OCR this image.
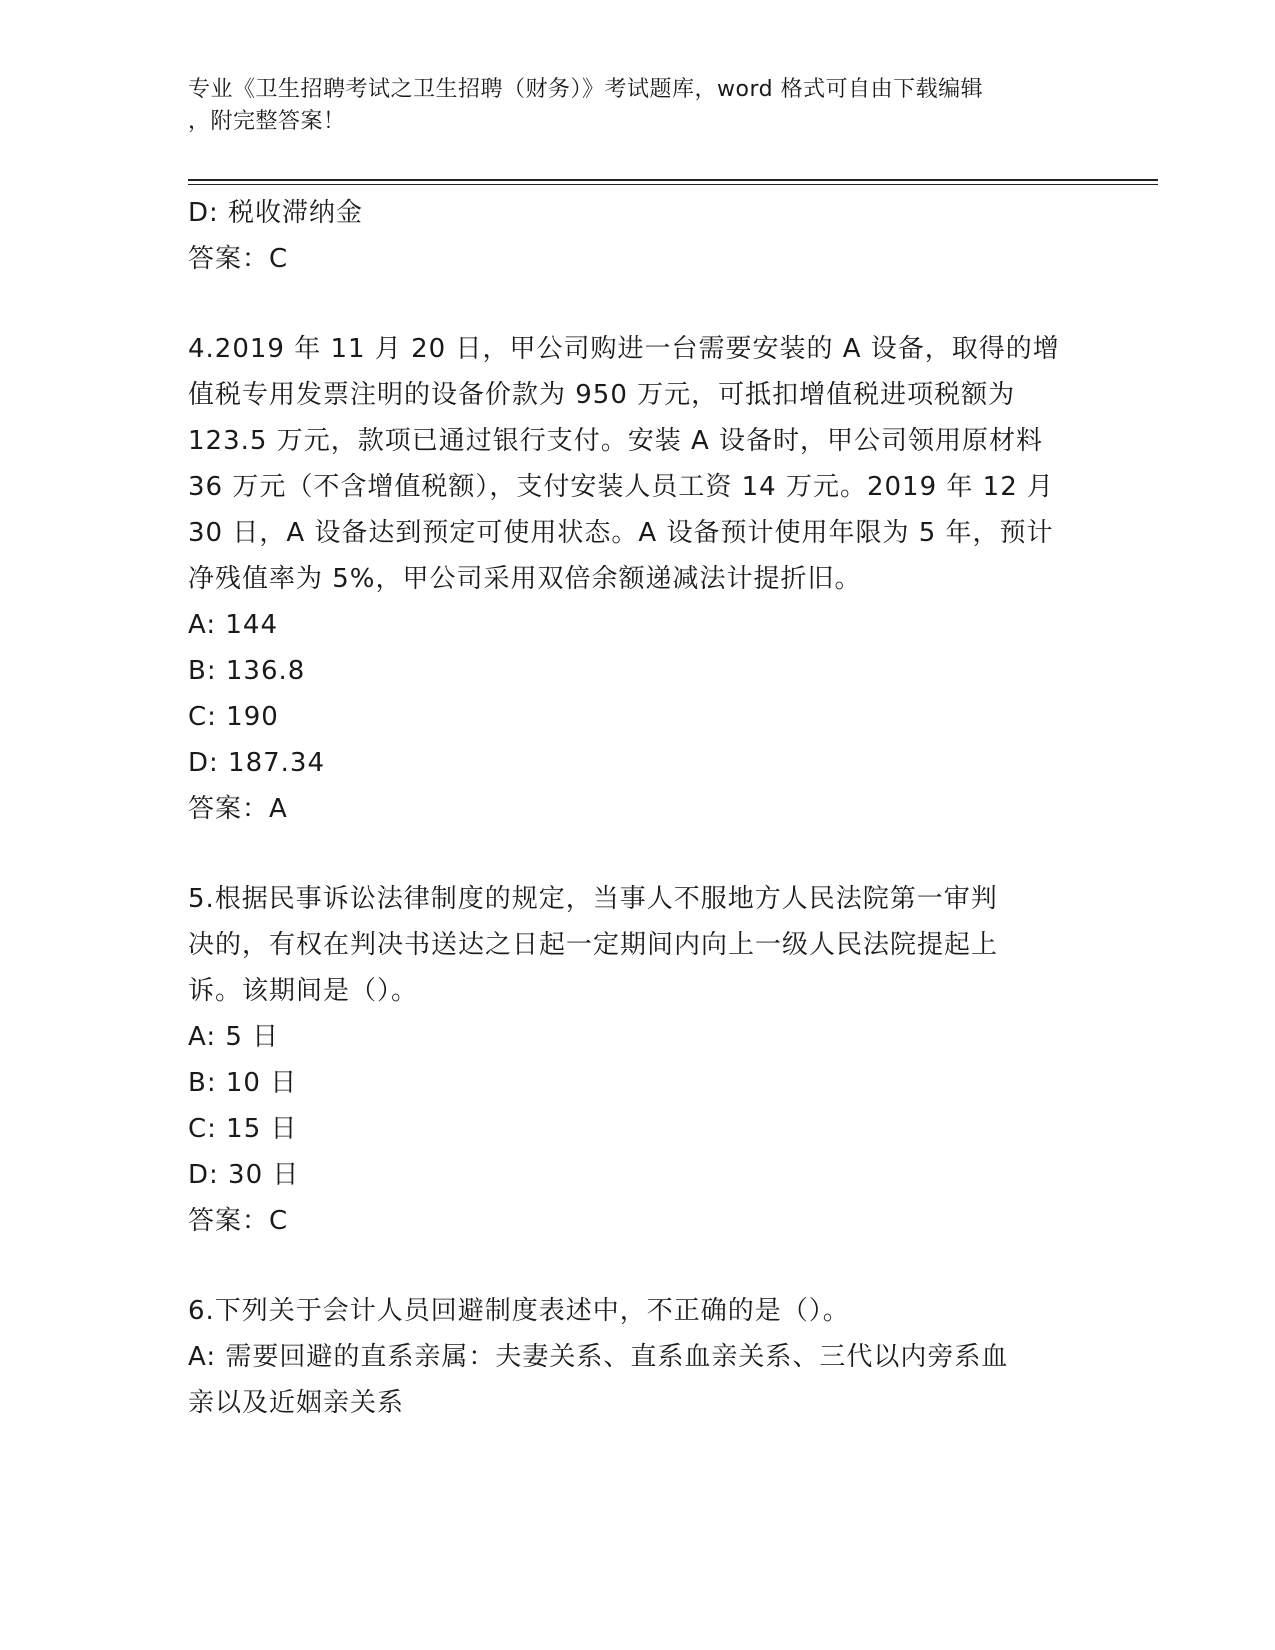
专业《卫生招聘考试之卫生招聘（财务）》考试题库，word 格式可自由下载编辑
，附完整答案！
D: 税收滞纳金
答案：C
4.2019 年 11 月 20 日，甲公司购进一台需要安装的 A 设备，取得的增
值税专用发票注明的设备价款为 950 万元，可抵扣增值税进项税额为
123.5 万元，款项已通过银行支付。安装 A 设备时，甲公司领用原材料
36 万元（不含增值税额），支付安装人员工资 14 万元。2019 年 12 月
30 日，A 设备达到预定可使用状态。A 设备预计使用年限为 5 年，预计
净残值率为 5%，甲公司采用双倍余额递减法计提折旧。
A: 144
B: 136.8
C: 190
D: 187.34
答案：A
5.根据民事诉讼法律制度的规定，当事人不服地方人民法院第一审判
决的，有权在判决书送达之日起一定期间内向上一级人民法院提起上
诉。该期间是（）。
A: 5 日
B: 10 日
C: 15 日
D: 30 日
答案：C
6.下列关于会计人员回避制度表述中，不正确的是（）。
A: 需要回避的直系亲属：夫妻关系、直系血亲关系、三代以内旁系血
亲以及近姻亲关系
